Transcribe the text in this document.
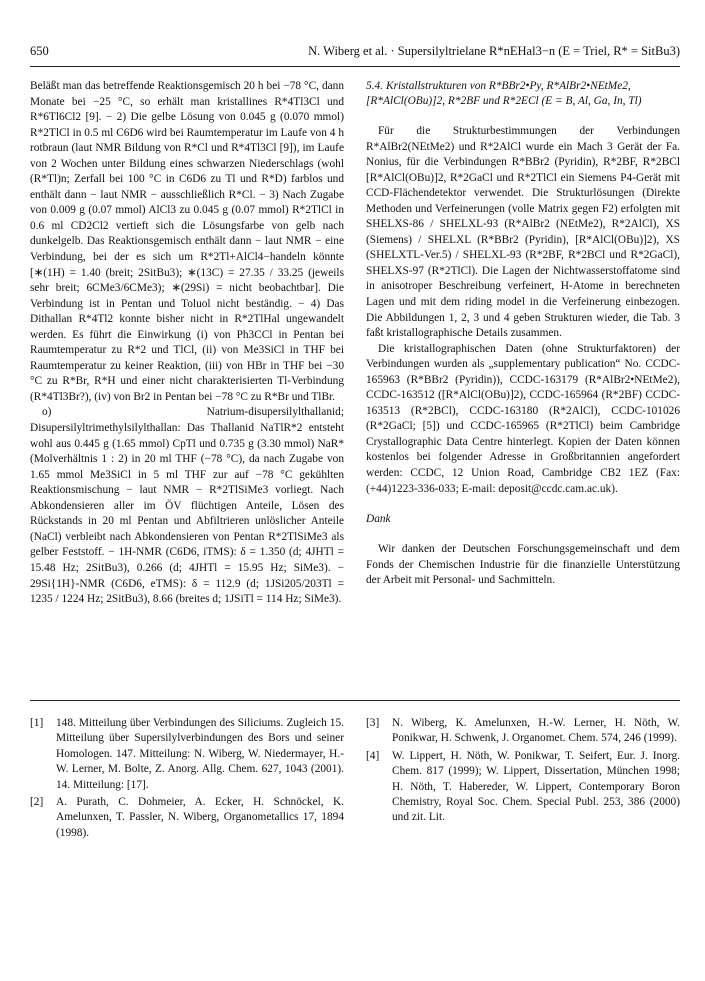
650	N. Wiberg et al. · Supersilyltrielane R*nEHal3−n (E = Triel, R* = SitBu3)

Beläßt man das betreffende Reaktionsgemisch 20 h bei −78 °C, dann Monate bei −25 °C, so erhält man kristallines R*4Tl3Cl und R*6Tl6Cl2 [9]. − 2) Die gelbe Lösung von 0.045 g (0.070 mmol) R*2TlCl in 0.5 ml C6D6 wird bei Raumtemperatur im Laufe von 4 h rotbraun (laut NMR Bildung von R*Cl und R*4Tl3Cl [9]), im Laufe von 2 Wochen unter Bildung eines schwarzen Niederschlags (wohl (R*Tl)n; Zerfall bei 100 °C in C6D6 zu Tl und R*D) farblos und enthält dann − laut NMR − ausschließlich R*Cl. − 3) Nach Zugabe von 0.009 g (0.07 mmol) AlCl3 zu 0.045 g (0.07 mmol) R*2TlCl in 0.6 ml CD2Cl2 vertieft sich die Lösungsfarbe von gelb nach dunkelgelb. Das Reaktionsgemisch enthält dann − laut NMR − eine Verbindung, bei der es sich um R*2Tl+AlCl4−handeln könnte [∗(1H) = 1.40 (breit; 2SitBu3); ∗(13C) = 27.35 / 33.25 (jeweils sehr breit; 6CMe3/6CMe3); ∗(29Si) = nicht beobachtbar]. Die Verbindung ist in Pentan und Toluol nicht beständig. − 4) Das Dithallan R*4Tl2 konnte bisher nicht in R*2TlHal ungewandelt werden. Es führt die Einwirkung (i) von Ph3CCl in Pentan bei Raumtemperatur zu R*2 und TlCl, (ii) von Me3SiCl in THF bei Raumtemperatur zu keiner Reaktion, (iii) von HBr in THF bei −30 °C zu R*Br, R*H und einer nicht charakterisierten Tl-Verbindung (R*4Tl3Br?), (iv) von Br2 in Pentan bei −78 °C zu R*Br und TlBr.

o) Natrium-disupersilylthallanid; Disupersilyltrimethylsilylthallan: Das Thallanid NaTlR*2 entsteht wohl aus 0.445 g (1.65 mmol) CpTl und 0.735 g (3.30 mmol) NaR* (Molverhältnis 1 : 2) in 20 ml THF (−78 °C), da nach Zugabe von 1.65 mmol Me3SiCl in 5 ml THF zur auf −78 °C gekühlten Reaktionsmischung − laut NMR − R*2TlSiMe3 vorliegt. Nach Abkondensieren aller im ÖV flüchtigen Anteile, Lösen des Rückstands in 20 ml Pentan und Abfiltrieren unlöslicher Anteile (NaCl) verbleibt nach Abkondensieren von Pentan R*2TlSiMe3 als gelber Feststoff. − 1H-NMR (C6D6, iTMS): δ = 1.350 (d; 4JHTl = 15.48 Hz; 2SitBu3), 0.266 (d; 4JHTl = 15.95 Hz; SiMe3). − 29Si{1H}-NMR (C6D6, eTMS): δ = 112.9 (d; 1JSi205/203Tl = 1235 / 1224 Hz; 2SitBu3), 8.66 (breites d; 1JSiTl = 114 Hz; SiMe3).

5.4. Kristallstrukturen von R*BBr2•Py, R*AlBr2•NEtMe2, [R*AlCl(OBu)]2, R*2BF und R*2ECl (E = B, Al, Ga, In, Tl)

Für die Strukturbestimmungen der Verbindungen R*AlBr2(NEtMe2) und R*2AlCl wurde ein Mach 3 Gerät der Fa. Nonius, für die Verbindungen R*BBr2 (Pyridin), R*2BF, R*2BCl [R*AlCl(OBu)]2, R*2GaCl und R*2TlCl ein Siemens P4-Gerät mit CCD-Flächendetektor verwendet. Die Strukturlösungen (Direkte Methoden und Verfeinerungen (volle Matrix gegen F2) erfolgten mit SHELXS-86 / SHELXL-93 (R*AlBr2 (NEtMe2), R*2AlCl), XS (Siemens) / SHELXL (R*BBr2 (Pyridin), [R*AlCl(OBu)]2), XS (SHELXTL-Ver.5) / SHELXL-93 (R*2BF, R*2BCl und R*2GaCl), SHELXS-97 (R*2TlCl). Die Lagen der Nichtwasserstoffatome sind in anisotroper Beschreibung verfeinert, H-Atome in berechneten Lagen und mit dem riding model in die Verfeinerung einbezogen. Die Abbildungen 1, 2, 3 und 4 geben Strukturen wieder, die Tab. 3 faßt kristallographische Details zusammen.

Die kristallographischen Daten (ohne Strukturfaktoren) der Verbindungen wurden als „supplementary publication“ No. CCDC-165963 (R*BBr2 (Pyridin)), CCDC-163179 (R*AlBr2•NEtMe2), CCDC-163512 ([R*AlCl(OBu)]2), CCDC-165964 (R*2BF) CCDC-163513 (R*2BCl), CCDC-163180 (R*2AlCl), CCDC-101026 (R*2GaCl; [5]) und CCDC-165965 (R*2TlCl) beim Cambridge Crystallographic Data Centre hinterlegt. Kopien der Daten können kostenlos bei folgender Adresse in Großbritannien angefordert werden: CCDC, 12 Union Road, Cambridge CB2 1EZ (Fax: (+44)1223-336-033; E-mail: deposit@ccdc.cam.ac.uk).

Dank

Wir danken der Deutschen Forschungsgemeinschaft und dem Fonds der Chemischen Industrie für die finanzielle Unterstützung der Arbeit mit Personal- und Sachmitteln.

[1]	148. Mitteilung über Verbindungen des Siliciums. Zugleich 15. Mitteilung über Supersilylverbindungen des Bors und seiner Homologen. 147. Mitteilung: N. Wiberg, W. Niedermayer, H.-W. Lerner, M. Bolte, Z. Anorg. Allg. Chem. 627, 1043 (2001). 14. Mitteilung: [17].
[2]	A. Purath, C. Dohmeier, A. Ecker, H. Schnöckel, K. Amelunxen, T. Passler, N. Wiberg, Organometallics 17, 1894 (1998).
[3]	N. Wiberg, K. Amelunxen, H.-W. Lerner, H. Nöth, W. Ponikwar, H. Schwenk, J. Organomet. Chem. 574, 246 (1999).
[4]	W. Lippert, H. Nöth, W. Ponikwar, T. Seifert, Eur. J. Inorg. Chem. 817 (1999); W. Lippert, Dissertation, München 1998; H. Nöth, T. Habereder, W. Lippert, Contemporary Boron Chemistry, Royal Soc. Chem. Special Publ. 253, 386 (2000) und zit. Lit.
